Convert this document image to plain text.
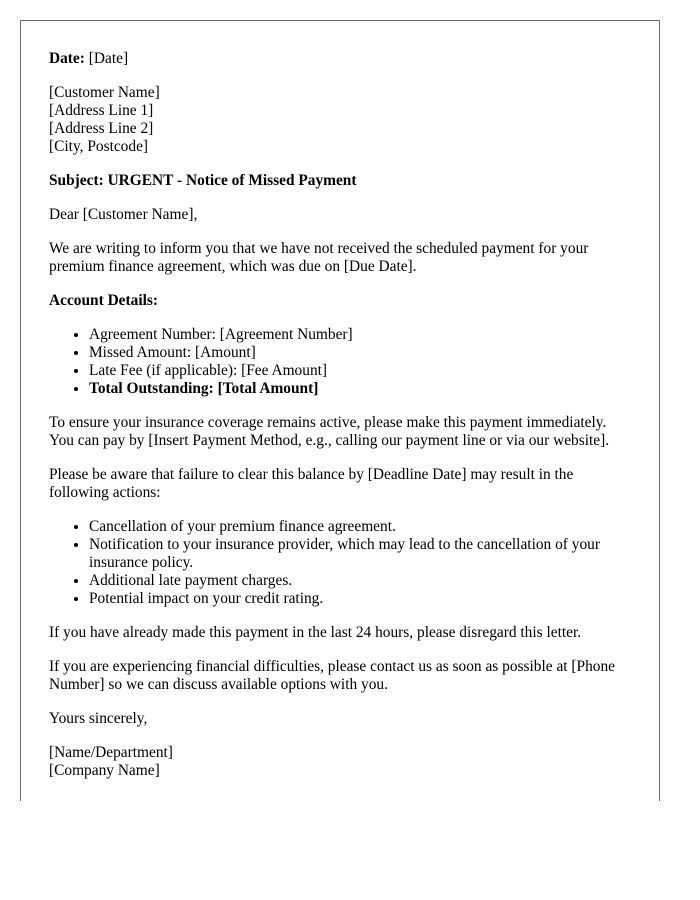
Date: [Date]

[Customer Name]
[Address Line 1]
[Address Line 2]
[City, Postcode]

Subject: URGENT - Notice of Missed Payment

Dear [Customer Name],

We are writing to inform you that we have not received the scheduled payment for your premium finance agreement, which was due on [Due Date].

Account Details:

• Agreement Number: [Agreement Number]
• Missed Amount: [Amount]
• Late Fee (if applicable): [Fee Amount]
• Total Outstanding: [Total Amount]

To ensure your insurance coverage remains active, please make this payment immediately. You can pay by [Insert Payment Method, e.g., calling our payment line or via our website].

Please be aware that failure to clear this balance by [Deadline Date] may result in the following actions:

• Cancellation of your premium finance agreement.
• Notification to your insurance provider, which may lead to the cancellation of your insurance policy.
• Additional late payment charges.
• Potential impact on your credit rating.

If you have already made this payment in the last 24 hours, please disregard this letter.

If you are experiencing financial difficulties, please contact us as soon as possible at [Phone Number] so we can discuss available options with you.

Yours sincerely,

[Name/Department]
[Company Name]
